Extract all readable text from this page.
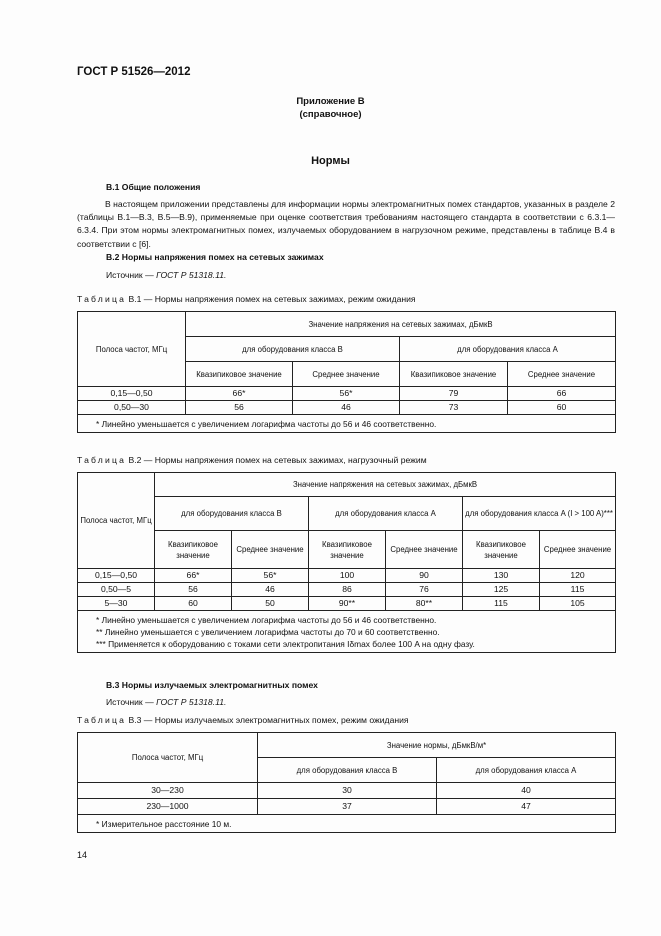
ГОСТ Р 51526—2012
Приложение В
(справочное)
Нормы
В.1 Общие положения
В настоящем приложении представлены для информации нормы электромагнитных помех стандартов, указанных в разделе 2 (таблицы В.1—В.3, В.5—В.9), применяемые при оценке соответствия требованиям настоящего стандарта в соответствии с 6.3.1—6.3.4. При этом нормы электромагнитных помех, излучаемых оборудованием в нагрузочном режиме, представлены в таблице В.4 в соответствии с [6].
В.2 Нормы напряжения помех на сетевых зажимах
Источник — ГОСТ Р 51318.11.
Таблица В.1 — Нормы напряжения помех на сетевых зажимах, режим ожидания
Полоса частот, МГц	Значение напряжения на сетевых зажимах, дБмкВ			
	для оборудования класса B		для оборудования класса A	
	Квазипиковое значение	Среднее значение	Квазипиковое значение	Среднее значение
0,15—0,50	66*	56*	79	66
0,50—30	56	46	73	60

* Линейно уменьшается с увеличением логарифма частоты до 56 и 46 соответственно.				
Таблица В.2 — Нормы напряжения помех на сетевых зажимах, нагрузочный режим
Полоса частот, МГц	Значение напряжения на сетевых зажимах, дБмкВ					
	для оборудования класса B		для оборудования класса A		для оборудования класса A (I > 100 A)***	
	Квазипиковое значение	Среднее значение	Квазипиковое значение	Среднее значение	Квазипиковое значение	Среднее значение
0,15—0,50	66*	56*	100	90	130	120
0,50—5	56	46	86	76	125	115
5—30	60	50	90**	80**	115	105

* Линейно уменьшается с увеличением логарифма частоты до 56 и 46 соответственно.
** Линейно уменьшается с увеличением логарифма частоты до 70 и 60 соответственно.
*** Применяется к оборудованию с токами сети электропитания Iδmax более 100 A на одну фазу.						
В.3 Нормы излучаемых электромагнитных помех
Источник — ГОСТ Р 51318.11.
Таблица В.3 — Нормы излучаемых электромагнитных помех, режим ожидания
Полоса частот, МГц	Значение нормы, дБмкВ/м*	
	для оборудования класса B	для оборудования класса A
30—230	30	40
230—1000	37	47

* Измерительное расстояние 10 м.		
14
